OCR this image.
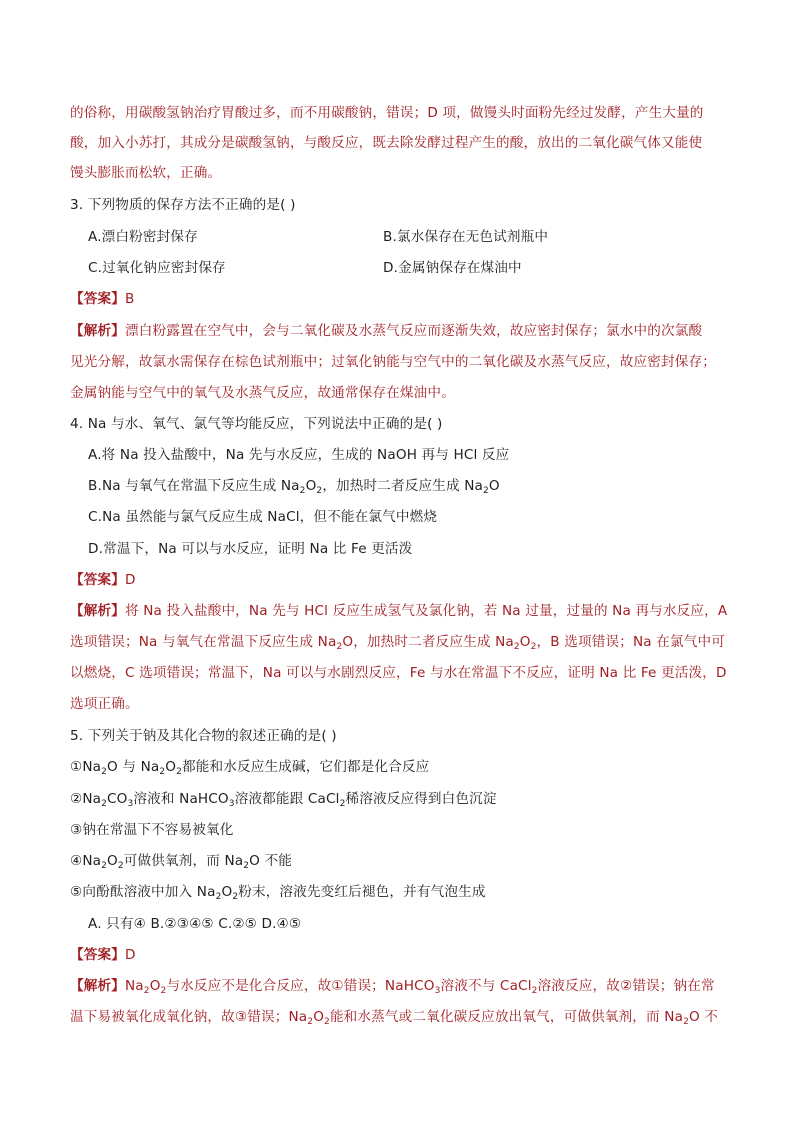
的俗称，用碳酸氢钠治疗胃酸过多，而不用碳酸钠，错误；D 项，做馒头时面粉先经过发酵，产生大量的
酸，加入小苏打，其成分是碳酸氢钠，与酸反应，既去除发酵过程产生的酸，放出的二氧化碳气体又能使
馒头膨胀而松软，正确。
3. 下列物质的保存方法不正确的是( )
A.漂白粉密封保存	B.氯水保存在无色试剂瓶中
C.过氧化钠应密封保存	D.金属钠保存在煤油中
【答案】B
【解析】漂白粉露置在空气中，会与二氧化碳及水蒸气反应而逐渐失效，故应密封保存；氯水中的次氯酸
见光分解，故氯水需保存在棕色试剂瓶中；过氧化钠能与空气中的二氧化碳及水蒸气反应，故应密封保存；
金属钠能与空气中的氧气及水蒸气反应，故通常保存在煤油中。
4. Na 与水、氧气、氯气等均能反应，下列说法中正确的是( )
A.将 Na 投入盐酸中，Na 先与水反应，生成的 NaOH 再与 HCl 反应
B.Na 与氧气在常温下反应生成 $Na_2O_2$，加热时二者反应生成 $Na_2O$
C.Na 虽然能与氯气反应生成 NaCl，但不能在氯气中燃烧
D.常温下，Na 可以与水反应，证明 Na 比 Fe 更活泼
【答案】D
【解析】将 Na 投入盐酸中，Na 先与 HCl 反应生成氢气及氯化钠，若 Na 过量，过量的 Na 再与水反应，A
选项错误；Na 与氧气在常温下反应生成 $Na_2O$，加热时二者反应生成 $Na_2O_2$，B 选项错误；Na 在氯气中可
以燃烧，C 选项错误；常温下，Na 可以与水剧烈反应，Fe 与水在常温下不反应，证明 Na 比 Fe 更活泼，D
选项正确。
5. 下列关于钠及其化合物的叙述正确的是( )
$①Na_2O$ 与 $Na_2O_2$都能和水反应生成碱，它们都是化合反应
$②Na_2CO_3$溶液和 NaHCO$_3$溶液都能跟 CaCl$_2$稀溶液反应得到白色沉淀
③钠在常温下不容易被氧化
$④Na_2O_2$可做供氧剂，而 $Na_2O$ 不能
⑤向酚酞溶液中加入 $Na_2O_2$粉末，溶液先变红后褪色，并有气泡生成
A. 只有④ B.②③④⑤ C.②⑤ D.④⑤
【答案】D
【解析】$Na_2O_2$与水反应不是化合反应，故①错误；NaHCO$_3$溶液不与 CaCl$_2$溶液反应，故②错误；钠在常
温下易被氧化成氧化钠，故③错误；$Na_2O_2$能和水蒸气或二氧化碳反应放出氧气，可做供氧剂，而 $Na_2O$ 不
